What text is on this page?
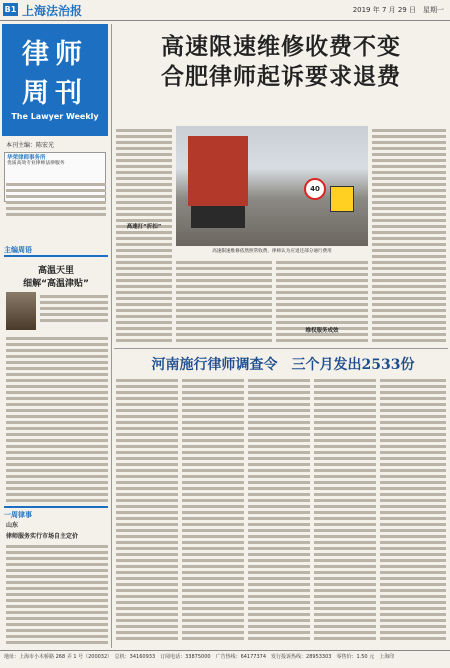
B1 上海法治报	2019 年 7 月 29 日　星期一
律师
周刊
The Lawyer Weekly
本刊主编：陈宏光
华荣律师事务所
优质高效专业律师法律服务
主编周语
高温天里
细解“高温津贴”
一周律事
山东
律师服务实行市场自主定价
高速限速维修收费不变
合肥律师起诉要求退费
高速打“折扣”
40
高速限速维修依然照常收费，律师认为应退还部分通行费用
维权服务成效
河南施行律师调查令　三个月发出2533份
地址：上海市小木桥路 268 弄 1 号（200032）　总机：34160933　订阅电话：33875000　广告热线：64177374　发行投诉热线：28953303　零售价：1.50 元　上海印
